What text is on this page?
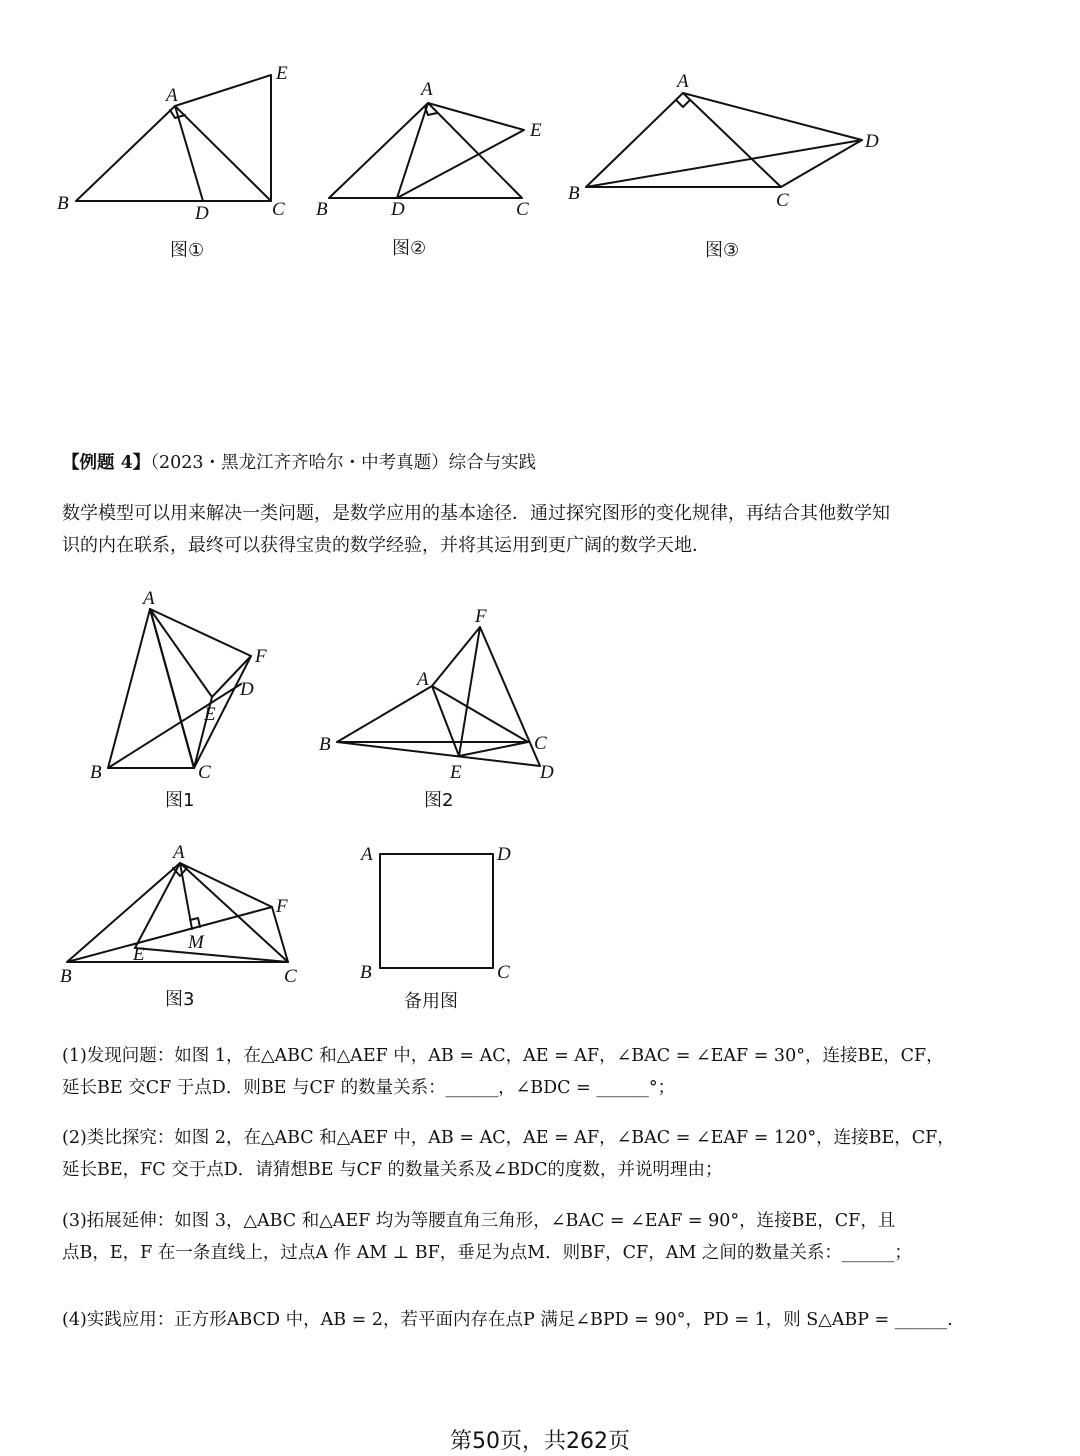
A
B	C
D
E
图①
A
B	C
D
E
图②
A
B	C
D
图③
【例题 4】（2023・黑龙江齐齐哈尔・中考真题）综合与实践
数学模型可以用来解决一类问题，是数学应用的基本途径．通过探究图形的变化规律，再结合其他数学知
识的内在联系，最终可以获得宝贵的数学经验，并将其运用到更广阔的数学天地．
A
B	C
D
E
F
图1
A
B	C
D
E
F
图2
A
B	C
E
F
M
图3
A	D
B	C
备用图
(1)发现问题：如图 1，在△ABC 和△AEF 中，AB = AC，AE = AF，∠BAC = ∠EAF = 30°，连接BE，CF，
延长BE 交CF 于点D．则BE 与CF 的数量关系：______，∠BDC = ______°；
(2)类比探究：如图 2，在△ABC 和△AEF 中，AB = AC，AE = AF，∠BAC = ∠EAF = 120°，连接BE，CF，
延长BE，FC 交于点D．请猜想BE 与CF 的数量关系及∠BDC的度数，并说明理由；
(3)拓展延伸：如图 3，△ABC 和△AEF 均为等腰直角三角形，∠BAC = ∠EAF = 90°，连接BE，CF，且
点B，E，F 在一条直线上，过点A 作 AM ⊥ BF，垂足为点M．则BF，CF，AM 之间的数量关系：______；
(4)实践应用：正方形ABCD 中，AB = 2，若平面内存在点P 满足∠BPD = 90°，PD = 1，则 S△ABP = ______.
第50页，共262页
